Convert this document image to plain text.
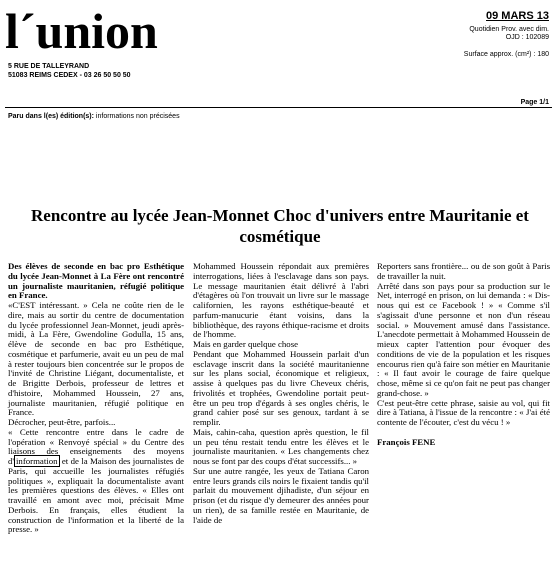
l´union
5 RUE DE TALLEYRAND
51083 REIMS CEDEX - 03 26 50 50 50
09 MARS 13
Quotidien Prov. avec dim.
OJD : 102089
Surface approx. (cm²) : 180
Page 1/1
Paru dans l(es) édition(s): informations non précisées
Rencontre au lycée Jean-Monnet Choc d'univers entre Mauritanie et cosmétique

Des élèves de seconde en bac pro Esthétique du lycée Jean-Monnet à La Fère ont rencontré un journaliste mauritanien, réfugié politique en France.

«C'EST intéressant. » Cela ne coûte rien de le dire, mais au sortir du centre de documentation du lycée professionnel Jean-Monnet, jeudi après-midi, à La Fère, Gwendoline Godulla, 15 ans, élève de seconde en bac pro Esthétique, cosmétique et parfumerie, avait eu un peu de mal à rester toujours bien concentrée sur le propos de l'invité de Christine Liégant, documentaliste, et de Brigitte Derbois, professeur de lettres et d'histoire, Mohammed Houssein, 27 ans, journaliste mauritanien, réfugié politique en France.

Décrocher, peut-être, parfois...

« Cette rencontre entre dans le cadre de l'opération « Renvoyé spécial » du Centre des liaisons des enseignements des moyens d' information et de la Maison des journalistes de Paris, qui accueille les journalistes réfugiés politiques », expliquait la documentaliste avant les premières questions des élèves. « Elles ont travaillé en amont avec moi, précisait Mme Derbois. En français, elles étudient la construction de l'information et la liberté de la presse. »

Mohammed Houssein répondait aux premières interrogations, liées à l'esclavage dans son pays. Le message mauritanien était délivré à l'abri d'étagères où l'on trouvait un livre sur le massage californien, les rayons esthétique-beauté et parfum-manucurie étant voisins, dans la bibliothèque, des rayons éthique-racisme et droits de l'homme.

Mais en garder quelque chose

Pendant que Mohammed Houssein parlait d'un esclavage inscrit dans la société mauritanienne sur les plans social, économique et religieux, assise à quelques pas du livre Cheveux chéris, frivolités et trophées, Gwendoline portait peut-être un peu trop d'égards à ses ongles chéris, le grand cahier posé sur ses genoux, tardant à se remplir.

Mais, cahin-caha, question après question, le fil un peu ténu restait tendu entre les élèves et le journaliste mauritanien. « Les changements chez nous se font par des coups d'état successifs... »

Sur une autre rangée, les yeux de Tatiana Caron entre leurs grands cils noirs le fixaient tandis qu'il parlait du mouvement djihadiste, d'un séjour en prison (et du risque d'y demeurer des années pour un rien), de sa famille restée en Mauritanie, de l'aide de

Reporters sans frontière... ou de son goût à Paris de travailler la nuit.

Arrêté dans son pays pour sa production sur le Net, interrogé en prison, on lui demanda : « Dis-nous qui est ce Facebook ! » « Comme s'il s'agissait d'une personne et non d'un réseau social. » Mouvement amusé dans l'assistance. L'anecdote permettait à Mohammed Houssein de mieux capter l'attention pour évoquer des conditions de vie de la population et les risques encourus rien qu'à faire son métier en Mauritanie : « Il faut avoir le courage de faire quelque chose, même si ce qu'on fait ne peut pas changer grand-chose. »

C'est peut-être cette phrase, saisie au vol, qui fit dire à Tatiana, à l'issue de la rencontre : « J'ai été contente de l'écouter, c'est du vécu ! »

François FENE
